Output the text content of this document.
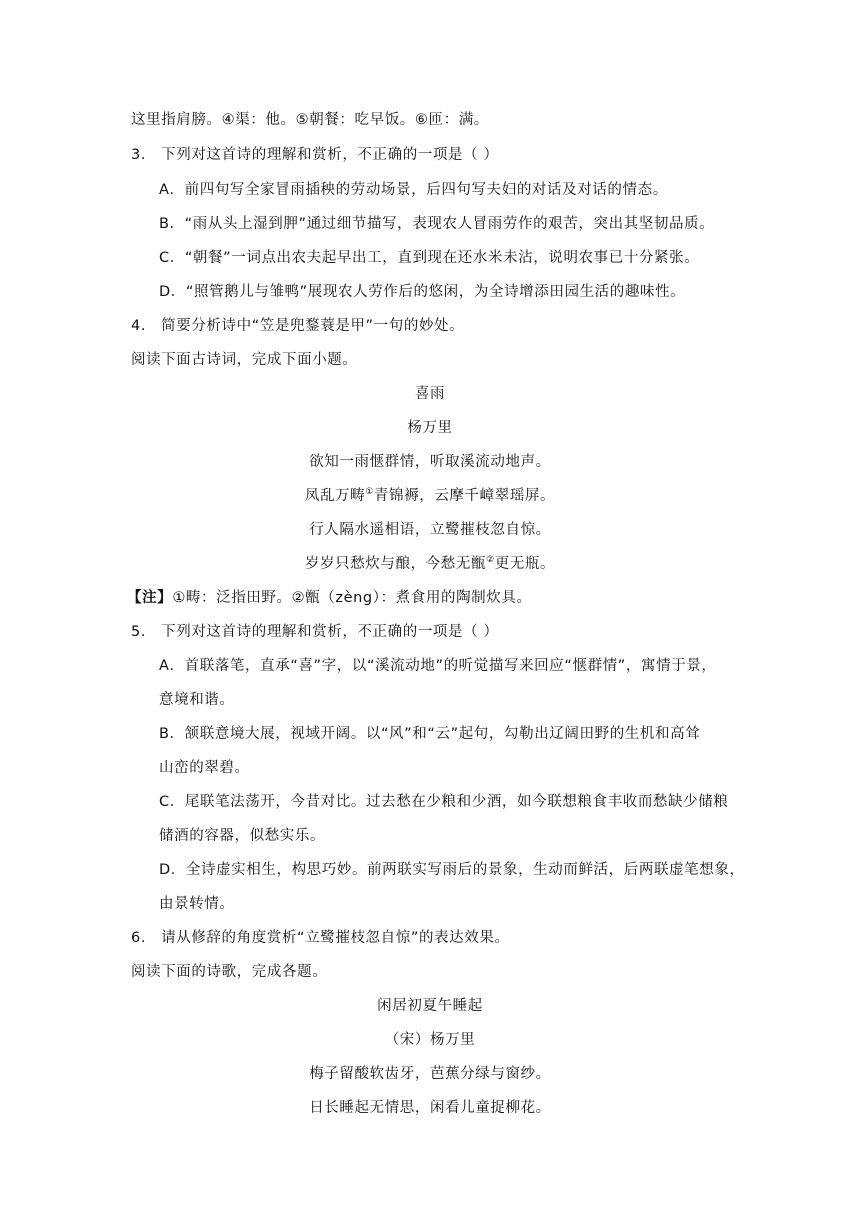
这里指肩膀。④渠：他。⑤朝餐：吃早饭。⑥匝：满。
3.　下列对这首诗的理解和赏析，不正确的一项是（ ）
A．前四句写全家冒雨插秧的劳动场景，后四句写夫妇的对话及对话的情态。
B．“雨从头上湿到胛”通过细节描写，表现农人冒雨劳作的艰苦，突出其坚韧品质。
C．“朝餐”一词点出农夫起早出工，直到现在还水米未沾，说明农事已十分紧张。
D．“照管鹅儿与雏鸭”展现农人劳作后的悠闲，为全诗增添田园生活的趣味性。
4.　简要分析诗中“笠是兜鍪蓑是甲”一句的妙处。
阅读下面古诗词，完成下面小题。
喜雨
杨万里
欲知一雨惬群情，听取溪流动地声。
凤乱万畴①青锦褥，云摩千嶂翠瑶屏。
行人隔水遥相语，立鹭摧枝忽自惊。
岁岁只愁炊与酿，今愁无甑②更无瓶。
【注】①畴：泛指田野。②甑（zèng）：煮食用的陶制炊具。
5.　下列对这首诗的理解和赏析，不正确的一项是（ ）
A．首联落笔，直承“喜”字，以“溪流动地”的听觉描写来回应“惬群情”，寓情于景，
意境和谐。
B．颔联意境大展，视域开阔。以“风”和“云”起句，勾勒出辽阔田野的生机和高耸
山峦的翠碧。
C．尾联笔法荡开，今昔对比。过去愁在少粮和少酒，如今联想粮食丰收而愁缺少储粮
储酒的容器，似愁实乐。
D．全诗虚实相生，构思巧妙。前两联实写雨后的景象，生动而鲜活，后两联虚笔想象，
由景转情。
6.　请从修辞的角度赏析“立鹭摧枝忽自惊”的表达效果。
阅读下面的诗歌，完成各题。
闲居初夏午睡起
（宋）杨万里
梅子留酸软齿牙，芭蕉分绿与窗纱。
日长睡起无情思，闲看儿童捉柳花。
